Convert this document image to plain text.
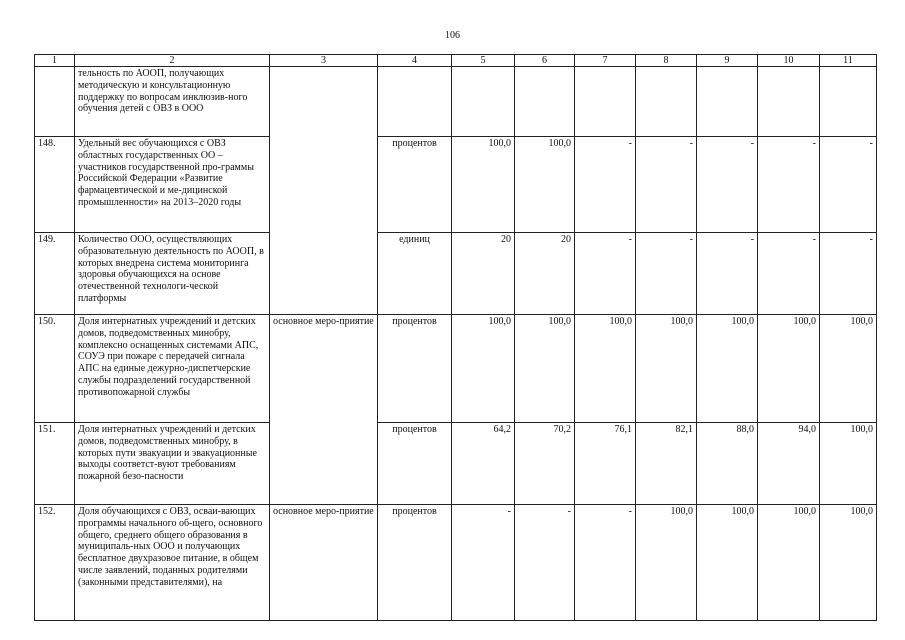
106
1	2	3	4	5	6	7	8	9	10	11
	тельность по АООП, получающих методическую и консультационную поддержку по вопросам инклюзив-ного обучения детей с ОВЗ в ООО									
148.	Удельный вес обучающихся с ОВЗ областных государственных ОО – участников государственной про-граммы Российской Федерации «Развитие фармацевтической и ме-дицинской промышленности» на 2013–2020 годы		процентов	100,0	100,0	-	-	-	-	-
149.	Количество ООО, осуществляющих образовательную деятельность по АООП, в которых внедрена система мониторинга здоровья обучающихся на основе отечественной технологи-ческой платформы		единиц	20	20	-	-	-	-	-
150.	Доля интернатных учреждений и детских домов, подведомственных минобру, комплексно оснащенных системами АПС, СОУЭ при пожаре с передачей сигнала АПС на единые дежурно-диспетчерские службы подразделений государственной противопожарной службы	основное меро-приятие	процентов	100,0	100,0	100,0	100,0	100,0	100,0	100,0
151.	Доля интернатных учреждений и детских домов, подведомственных минобру, в которых пути эвакуации и эвакуационные выходы соответст-вуют требованиям пожарной безо-пасности		процентов	64,2	70,2	76,1	82,1	88,0	94,0	100,0
152.	Доля обучающихся с ОВЗ, осваи-вающих программы начального об-щего, основного общего, среднего общего образования в муниципаль-ных ООО и получающих бесплатное двухразовое питание, в общем числе заявлений, поданных родителями (законными представителями), на	основное меро-приятие	процентов	-	-	-	100,0	100,0	100,0	100,0
